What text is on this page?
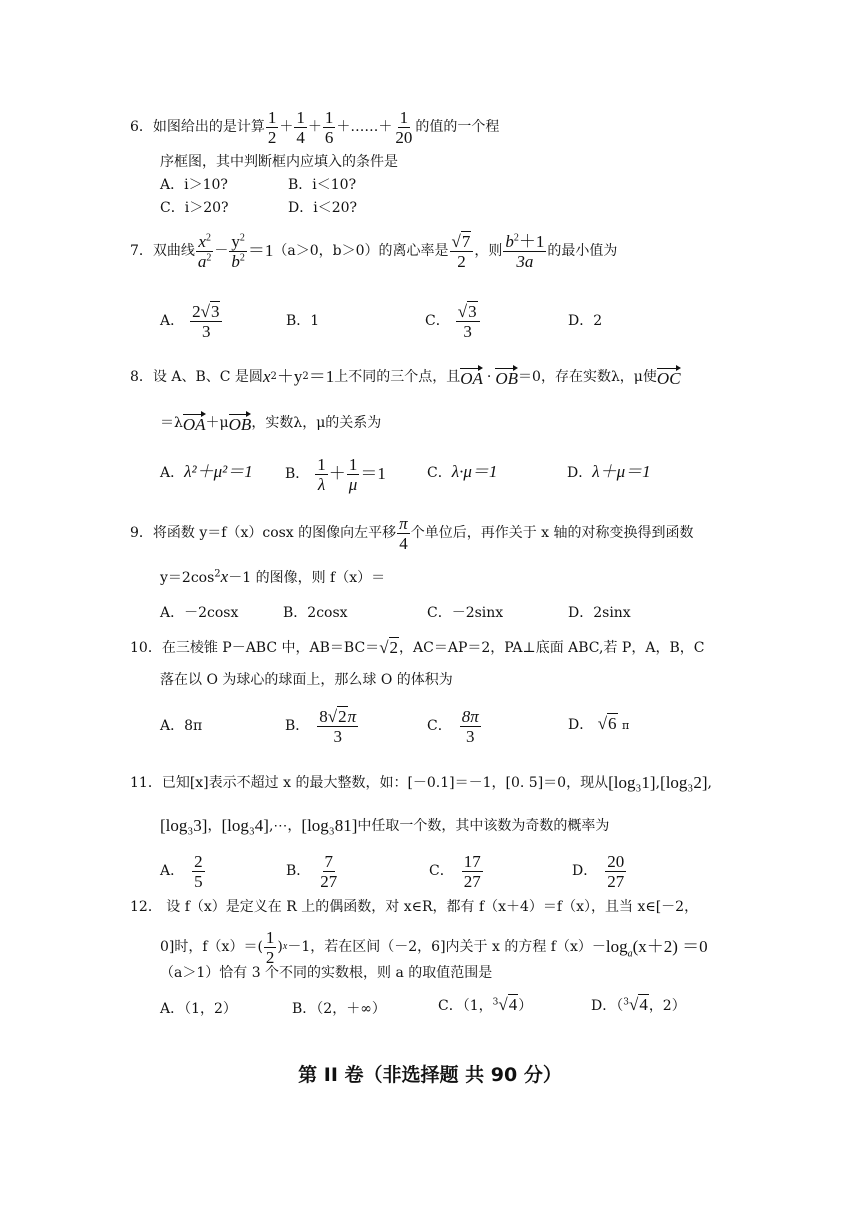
6． 如图给出的是计算 $\frac{1}{2} + \frac{1}{4} + \frac{1}{6}$ ＋……＋ $\frac{1}{20}$ 的值的一个程
序框图，其中判断框内应填入的条件是
A．i＞10?	B．i＜10?
C．i＞20?	D．i＜20?
7． 双曲线 $\frac{x^2}{a^2} - \frac{y^2}{b^2} =1$ （a＞0，b＞0）的离心率是 $\frac{√7}{2}$ ，则 $\frac{b^2+1}{3a}$ 的最小值为
A． $\frac{2√3}{3}$	B．1	C． $\frac{√3}{3}$	D．2
8． 设 A、B、C 是圆 x 2 ＋y 2 ＝1 上不同的三个点，且 OA · OB ＝0，存在实数λ，μ使 OC
＝λ OA ＋μ OB ，实数λ，μ的关系为
A．λ²＋μ²＝1 B． $\frac{1}{\lambda} + \frac{1}{\mu} =1$	C．λ·μ＝1	D．λ＋μ＝1
9． 将函数 y＝f（x）cosx 的图像向左平移 $\frac{\pi}{4}$ 个单位后，再作关于 x 轴的对称变换得到函数
$y=2\cos^2x-1$ 的图像，则 f（x）＝
A．－2cosx	B．2cosx	C．－2sinx	D．2sinx
10． 在三棱锥 P－ABC 中，AB＝BC＝ √2 ，AC＝AP＝2，PA⊥底面 ABC,若 P，A，B，C
落在以 O 为球心的球面上，那么球 O 的体积为
A．8π	B． $\frac{8√2\pi}{3}$	C． $\frac{8\pi}{3}$	D． √6 π
11． 已知[x]表示不超过 x 的最大整数，如：[－0.1]＝－1，[0. 5]＝0，现从 [log₃1] , [log₃2] ,
[log₃3] ， [log₃4] ,⋯， [log₃81] 中任取一个数，其中该数为奇数的概率为
A． $\frac{2}{5}$	B． $\frac{7}{27}$	C． $\frac{17}{27}$	D． $\frac{20}{27}$
12． 设 f（x）是定义在 R 上的偶函数，对 x∈R，都有 f（x＋4）＝f（x），且当 x∈[－2，
0]时，$f(x)=( \frac{1}{2}$ ) x －1，若在区间（－2，6]内关于 x 的方程 $f(x)- \log_a (x+2) =0$
（a＞1）恰有 3 个不同的实数根，则 a 的取值范围是
A．（1，2）	B．（2，＋∞）	C．（1，$^3$√4）	D．（$^3$√4，2）
第 II 卷（非选择题 共 90 分）
